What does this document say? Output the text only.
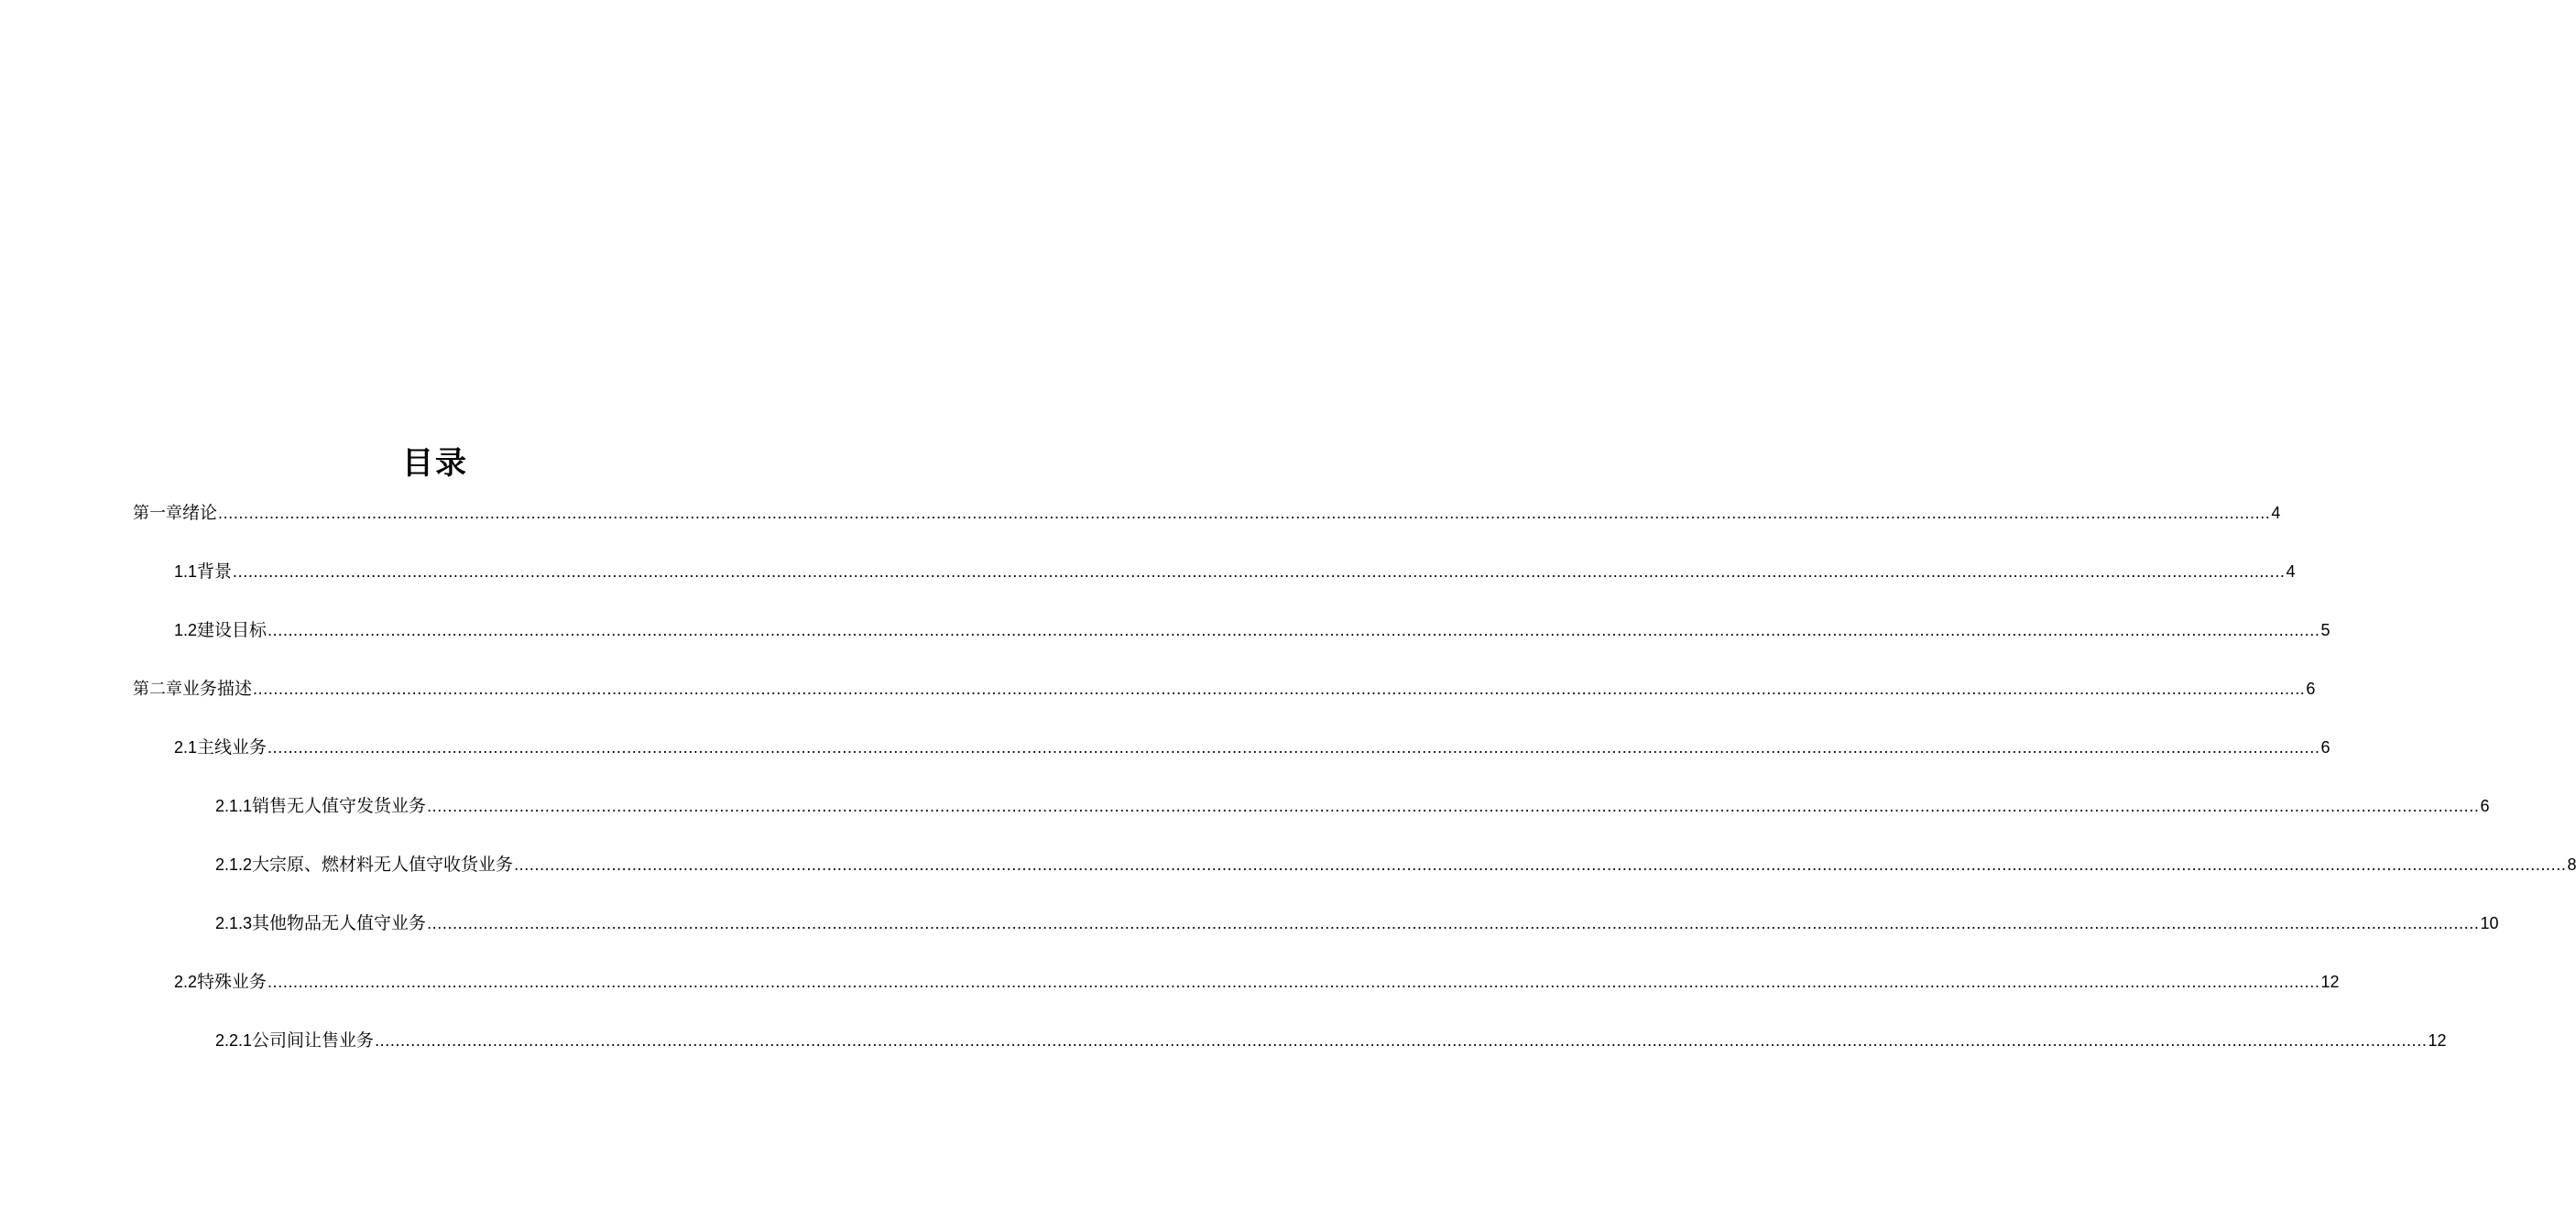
目录
第一章 绪论 ................................................................................................................................................................................................................................................................................................................................................................................................................ 4
1.1 背景 ................................................................................................................................................................................................................................................................................................................................................................................................................ 4
1.2 建设目标 ................................................................................................................................................................................................................................................................................................................................................................................................................ 5
第二章 业务描述 ................................................................................................................................................................................................................................................................................................................................................................................................................ 6
2.1 主线业务 ................................................................................................................................................................................................................................................................................................................................................................................................................ 6
2.1.1 销售无人值守发货业务 ................................................................................................................................................................................................................................................................................................................................................................................................................ 6
2.1.2 大宗原、燃材料无人值守收货业务 ................................................................................................................................................................................................................................................................................................................................................................................................................ 8
2.1.3 其他物品无人值守业务 ................................................................................................................................................................................................................................................................................................................................................................................................................ 10
2.2 特殊业务 ................................................................................................................................................................................................................................................................................................................................................................................................................ 12
2.2.1 公司间让售业务 ................................................................................................................................................................................................................................................................................................................................................................................................................ 12
